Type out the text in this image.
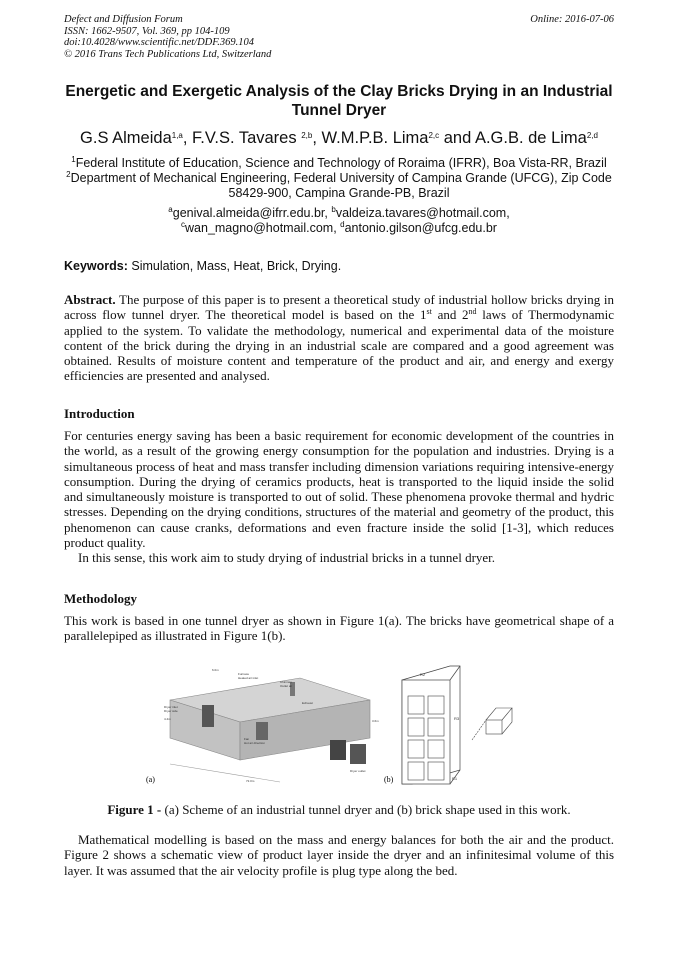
Defect and Diffusion Forum
ISSN: 1662-9507, Vol. 369, pp 104-109
doi:10.4028/www.scientific.net/DDF.369.104
© 2016 Trans Tech Publications Ltd, Switzerland
Online: 2016-07-06
Energetic and Exergetic Analysis of the Clay Bricks Drying in an Industrial Tunnel Dryer
G.S Almeida$^{1,a}$, F.V.S. Tavares $^{2,b}$, W.M.P.B. Lima$^{2,c}$ and A.G.B. de Lima$^{2,d}$
$^1$Federal Institute of Education, Science and Technology of Roraima (IFRR), Boa Vista-RR, Brazil
$^2$Department of Mechanical Engineering, Federal University of Campina Grande (UFCG), Zip Code 58429-900, Campina Grande-PB, Brazil
$^a$genival.almeida@ifrr.edu.br, $^b$valdeiza.tavares@hotmail.com,
$^c$wan_magno@hotmail.com, $^d$antonio.gilson@ufcg.edu.br
Keywords: Simulation, Mass, Heat, Brick, Drying.
Abstract. The purpose of this paper is to present a theoretical study of industrial hollow bricks drying in across flow tunnel dryer. The theoretical model is based on the 1st and 2nd laws of Thermodynamic applied to the system. To validate the methodology, numerical and experimental data of the moisture content of the brick during the drying in an industrial scale are compared and a good agreement was obtained. Results of moisture content and temperature of the product and air, and energy and exergy efficiencies are presented and analysed.
Introduction
For centuries energy saving has been a basic requirement for economic development of the countries in the world, as a result of the growing energy consumption for the population and industries. Drying is a simultaneous process of heat and mass transfer including dimension variations requiring intensive-energy consumption. During the drying of ceramics products, heat is transported to the liquid inside the solid and simultaneously moisture is transported to out of solid. These phenomena provoke thermal and hydric stresses. Depending on the drying conditions, structures of the material and geometry of the product, this phenomenon can cause cranks, deformations and even fracture inside the solid [1-3], which reduces product quality.
In this sense, this work aim to study drying of industrial bricks in a tunnel dryer.
Methodology
This work is based in one tunnel dryer as shown in Figure 1(a). The bricks have geometrical shape of a parallelepiped as illustrated in Figure 1(b).
(a)
Furnace
Heated air inlet
Chimney
Outlet air
Exhaust
Fan
Hot air direction
Dryer outlet
Dryer inlet
Dryer side
72.0m
6.0m
3.6m
4.4m
R2
R3
R1
(b)
Figure 1 - (a) Scheme of an industrial tunnel dryer and (b) brick shape used in this work.
Mathematical modelling is based on the mass and energy balances for both the air and the product. Figure 2 shows a schematic view of product layer inside the dryer and an infinitesimal volume of this layer. It was assumed that the air velocity profile is plug type along the bed.
